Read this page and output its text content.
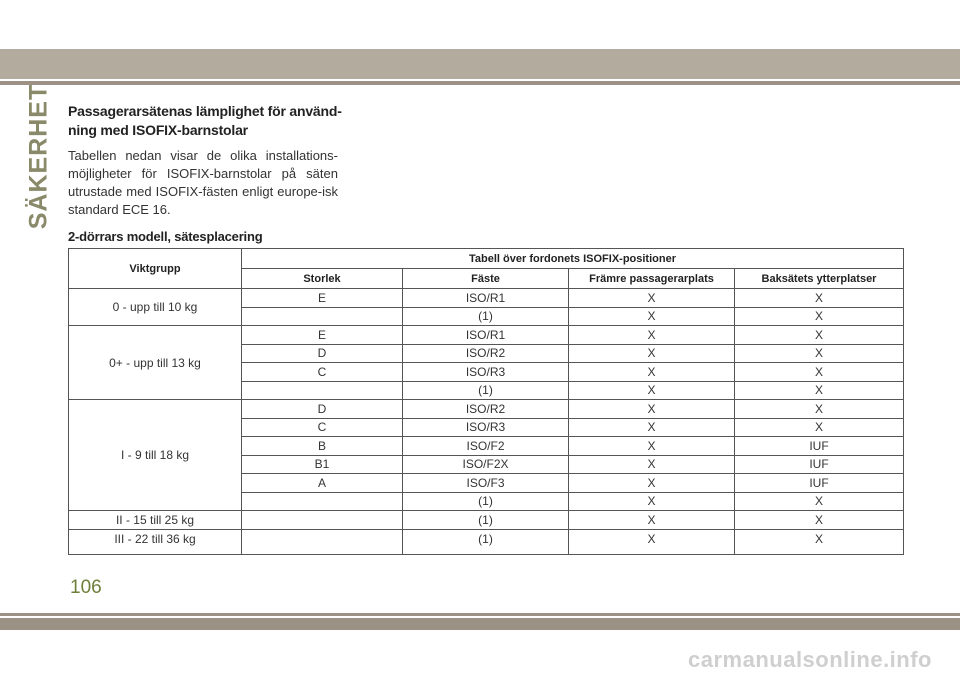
SÄKERHET Passagerarsätenas lämplighet för använd-ning med ISOFIX-barnstolar
Tabellen nedan visar de olika installations-möjligheter för ISOFIX-barnstolar på säten utrustade med ISOFIX-fästen enligt europe-isk standard ECE 16.
2-dörrars modell, sätesplacering
Viktgrupp	Tabell över fordonets ISOFIX-positioner			
	Storlek	Fäste	Främre passagerarplats	Baksätets ytterplatser
0 - upp till 10 kg	E	ISO/R1	X	X
		(1)	X	X
0+ - upp till 13 kg	E	ISO/R1	X	X
	D	ISO/R2	X	X
	C	ISO/R3	X	X
		(1)	X	X
I - 9 till 18 kg	D	ISO/R2	X	X
	C	ISO/R3	X	X
	B	ISO/F2	X	IUF
	B1	ISO/F2X	X	IUF
	A	ISO/F3	X	IUF
		(1)	X	X
II - 15 till 25 kg		(1)	X	X
III - 22 till 36 kg		(1)	X	X
106
carmanualsonline.info
